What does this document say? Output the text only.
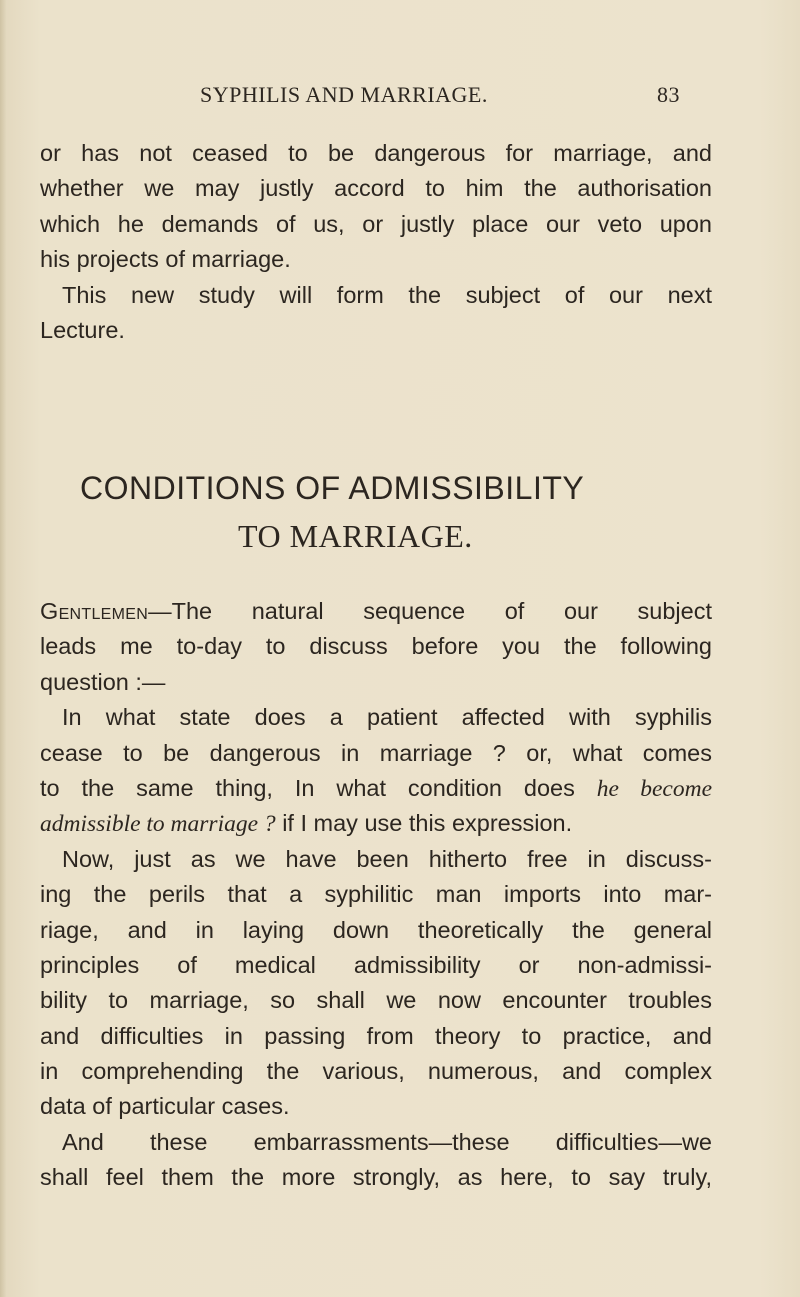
SYPHILIS AND MARRIAGE.	83
or has not ceased to be dangerous for marriage, and
whether we may justly accord to him the authorisation
which he demands of us, or justly place our veto upon
his projects of marriage.
This new study will form the subject of our next
Lecture.
CONDITIONS OF ADMISSIBILITY
TO MARRIAGE.
Gentlemen—The natural sequence of our subject
leads me to-day to discuss before you the following
question :—
In what state does a patient affected with syphilis
cease to be dangerous in marriage ? or, what comes
to the same thing, In what condition does he become
admissible to marriage ? if I may use this expression.
Now, just as we have been hitherto free in discuss-
ing the perils that a syphilitic man imports into mar-
riage, and in laying down theoretically the general
principles of medical admissibility or non-admissi-
bility to marriage, so shall we now encounter troubles
and difficulties in passing from theory to practice, and
in comprehending the various, numerous, and complex
data of particular cases.
And these embarrassments—these difficulties—we
shall feel them the more strongly, as here, to say truly,
